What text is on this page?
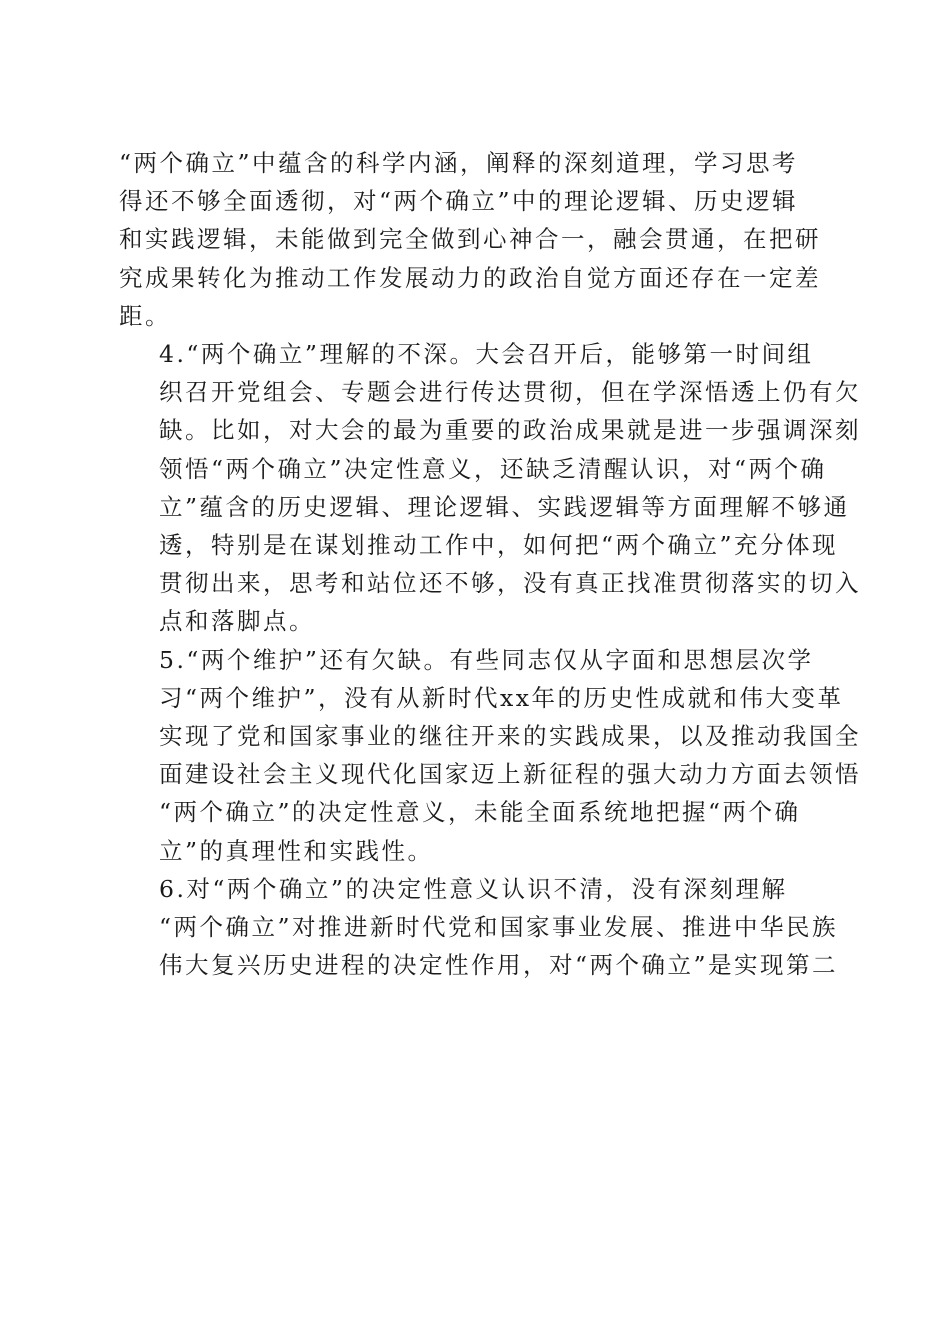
“两个确立”中蕴含的科学内涵，阐释的深刻道理，学习思考
得还不够全面透彻，对“两个确立”中的理论逻辑、历史逻辑
和实践逻辑，未能做到完全做到心神合一，融会贯通，在把研
究成果转化为推动工作发展动力的政治自觉方面还存在一定差
距。

4.“两个确立”理解的不深。大会召开后，能够第一时间组
织召开党组会、专题会进行传达贯彻，但在学深悟透上仍有欠
缺。比如，对大会的最为重要的政治成果就是进一步强调深刻
领悟“两个确立”决定性意义，还缺乏清醒认识，对“两个确
立”蕴含的历史逻辑、理论逻辑、实践逻辑等方面理解不够通
透，特别是在谋划推动工作中，如何把“两个确立”充分体现
贯彻出来，思考和站位还不够，没有真正找准贯彻落实的切入
点和落脚点。

5.“两个维护”还有欠缺。有些同志仅从字面和思想层次学
习“两个维护”，没有从新时代xx年的历史性成就和伟大变革
实现了党和国家事业的继往开来的实践成果，以及推动我国全
面建设社会主义现代化国家迈上新征程的强大动力方面去领悟
“两个确立”的决定性意义，未能全面系统地把握“两个确
立”的真理性和实践性。

6.对“两个确立”的决定性意义认识不清，没有深刻理解
“两个确立”对推进新时代党和国家事业发展、推进中华民族
伟大复兴历史进程的决定性作用，对“两个确立”是实现第二
